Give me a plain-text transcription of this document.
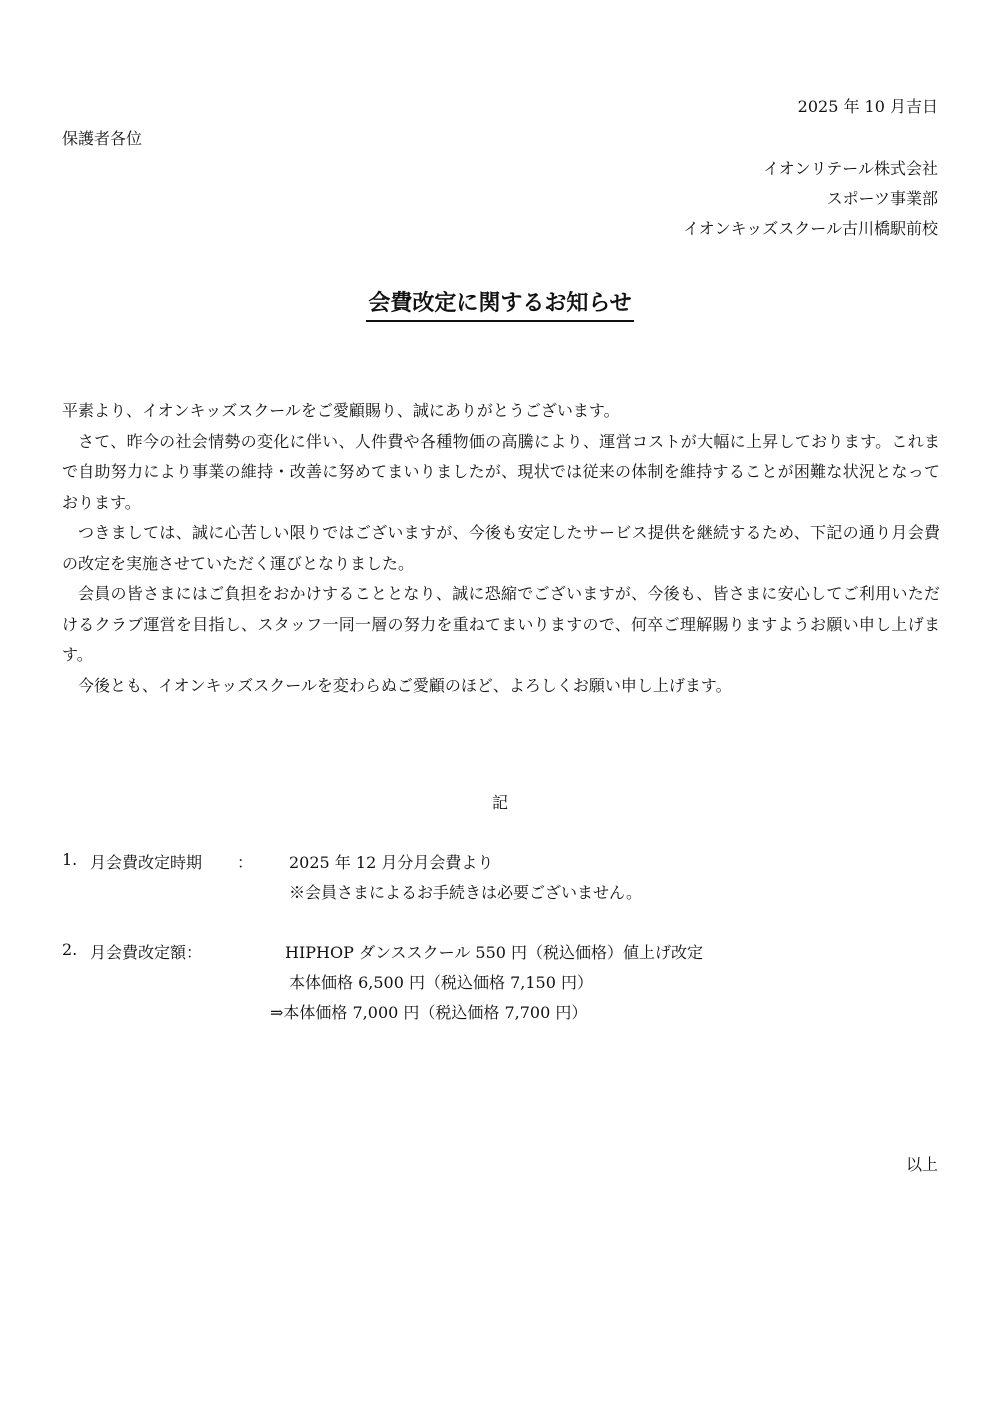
2025 年 10 月吉日
保護者各位
イオンリテール株式会社
スポーツ事業部
イオンキッズスクール古川橋駅前校
会費改定に関するお知らせ

平素より、イオンキッズスクールをご愛顧賜り、誠にありがとうございます。

さて、昨今の社会情勢の変化に伴い、人件費や各種物価の高騰により、運営コストが大幅に上昇しております。これまで自助努力により事業の維持・改善に努めてまいりましたが、現状では従来の体制を維持することが困難な状況となっております。

つきましては、誠に心苦しい限りではございますが、今後も安定したサービス提供を継続するため、下記の通り月会費の改定を実施させていただく運びとなりました。

会員の皆さまにはご負担をおかけすることとなり、誠に恐縮でございますが、今後も、皆さまに安心してご利用いただけるクラブ運営を目指し、スタッフ一同一層の努力を重ねてまいりますので、何卒ご理解賜りますようお願い申し上げます。

今後とも、イオンキッズスクールを変わらぬご愛顧のほど、よろしくお願い申し上げます。

記
1. 月会費改定時期 ： 2025 年 12 月分月会費より
※会員さまによるお手続きは必要ございません。
2. 月会費改定額：	HIPHOP ダンススクール 550 円（税込価格）値上げ改定
本体価格 6,500 円（税込価格 7,150 円）
⇒本体価格 7,000 円（税込価格 7,700 円）
以上
